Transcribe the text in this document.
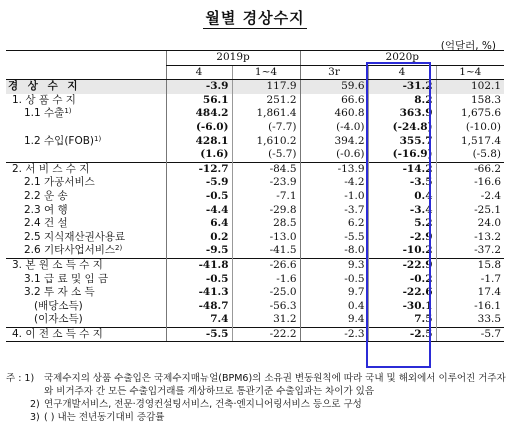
월별 경상수지
(억달러, %)
	2019p		2020p		
	4	1~4	3r	4	1~4
경 상 수 지	-3.9	117.9	59.6	-31.2	102.1
1. 상 품 수 지	56.1	251.2	66.6	8.2	158.3
1.1 수출$^{1)}$	484.2	1,861.4	460.8	363.9	1,675.6
	(-6.0)	(-7.7)	(-4.0)	(-24.8)	(-10.0)
1.2 수입(FOB)$^{1)}$	428.1	1,610.2	394.2	355.7	1,517.4
	(1.6)	(-5.7)	(-0.6)	(-16.9)	(-5.8)
2. 서 비 스 수 지	-12.7	-84.5	-13.9	-14.2	-66.2
2.1 가공서비스	-5.9	-23.9	-4.2	-3.5	-16.6
2.2 운 송	-0.5	-7.1	-1.0	0.4	-2.4
2.3 여 행	-4.4	-29.8	-3.7	-3.4	-25.1
2.4 건 설	6.4	28.5	6.2	5.2	24.0
2.5 지식재산권사용료	0.2	-13.0	-5.5	-2.9	-13.2
2.6 기타사업서비스$^{2)}$	-9.5	-41.5	-8.0	-10.2	-37.2
3. 본 원 소 득 수 지	-41.8	-26.6	9.3	-22.9	15.8
3.1 급 료 및 임 금	-0.5	-1.6	-0.5	-0.2	-1.7
3.2 투 자 소 득	-41.3	-25.0	9.7	-22.6	17.4
(배당소득)	-48.7	-56.3	0.4	-30.1	-16.1
(이자소득)	7.4	31.2	9.4	7.5	33.5
4. 이 전 소 득 수 지	-5.5	-22.2	-2.3	-2.5	-5.7
주 : 1)	국제수지의 상품 수출입은 국제수지매뉴얼(BPM6)의 소유권 변동원칙에 따라 국내 및 해외에서 이루어진 거주자와 비거주자 간 모든 수출입거래를 계상하므로 통관기준 수출입과는 차이가 있음
2) 연구개발서비스, 전문·경영컨설팅서비스, 건축·엔지니어링서비스 등으로 구성
3) ( ) 내는 전년동기대비 증감률
